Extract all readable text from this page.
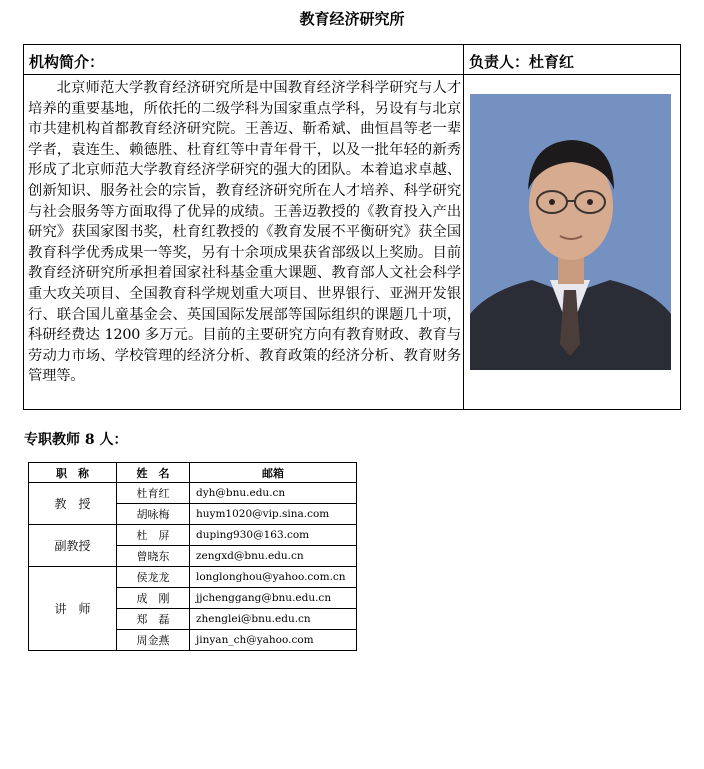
教育经济研究所
机构简介：	负责人：杜育红

北京师范大学教育经济研究所是中国教育经济学科学研究与人才培养的重要基地，所依托的二级学科为国家重点学科，另设有与北京市共建机构首都教育经济研究院。王善迈、靳希斌、曲恒昌等老一辈学者，袁连生、赖德胜、杜育红等中青年骨干，以及一批年轻的新秀形成了北京师范大学教育经济学研究的强大的团队。本着追求卓越、创新知识、服务社会的宗旨，教育经济研究所在人才培养、科学研究与社会服务等方面取得了优异的成绩。王善迈教授的《教育投入产出研究》获国家图书奖，杜育红教授的《教育发展不平衡研究》获全国教育科学优秀成果一等奖，另有十余项成果获省部级以上奖励。目前教育经济研究所承担着国家社科基金重大课题、教育部人文社会科学重大攻关项目、全国教育科学规划重大项目、世界银行、亚洲开发银行、联合国儿童基金会、英国国际发展部等国际组织的课题几十项，科研经费达 1200 多万元。目前的主要研究方向有教育财政、教育与劳动力市场、学校管理的经济分析、教育政策的经济分析、教育财务管理等。	
专职教师 8 人：
职　称	姓　名	邮箱
教　授	杜育红	dyh@bnu.edu.cn
	胡咏梅	huym1020@vip.sina.com
副教授	杜　屏	duping930@163.com
	曾晓东	zengxd@bnu.edu.cn
讲　师	侯龙龙	longlonghou@yahoo.com.cn
	成　刚	jjchenggang@bnu.edu.cn
	郑　磊	zhenglei@bnu.edu.cn
	周金燕	jinyan_ch@yahoo.com
